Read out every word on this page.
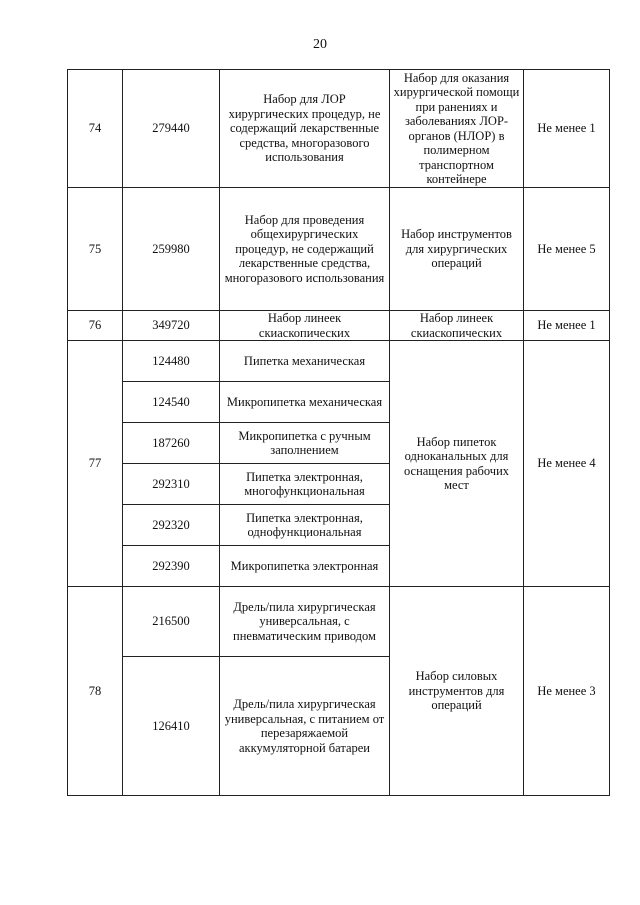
20
74	279440	Набор для ЛОР хирургических процедур, не содержащий лекарственные средства, многоразового использования	Набор для оказания хирургической помощи при ранениях и заболеваниях ЛОР-органов (НЛОР) в полимерном транспортном контейнере	Не менее 1
75	259980	Набор для проведения общехирургических процедур, не содержащий лекарственные средства, многоразового использования	Набор инструментов для хирургических операций	Не менее 5
76	349720	Набор линеек скиаскопических	Набор линеек скиаскопических	Не менее 1
77	124480	Пипетка механическая	Набор пипеток одноканальных для оснащения рабочих мест	Не менее 4
	124540	Микропипетка механическая		
	187260	Микропипетка с ручным заполнением		
	292310	Пипетка электронная, многофункциональная		
	292320	Пипетка электронная, однофункциональная		
	292390	Микропипетка электронная		
78	216500	Дрель/пила хирургическая универсальная, с пневматическим приводом	Набор силовых инструментов для операций	Не менее 3
	126410	Дрель/пила хирургическая универсальная, с питанием от перезаряжаемой аккумуляторной батареи		
